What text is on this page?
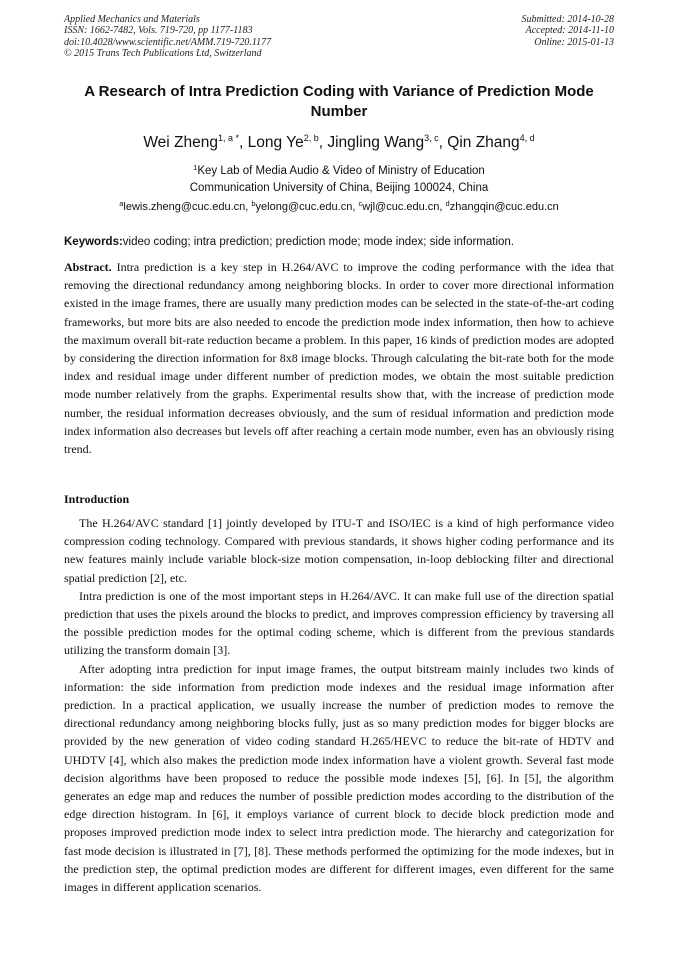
Applied Mechanics and Materials
ISSN: 1662-7482, Vols. 719-720, pp 1177-1183
doi:10.4028/www.scientific.net/AMM.719-720.1177
© 2015 Trans Tech Publications Ltd, Switzerland
Submitted: 2014-10-28
Accepted: 2014-11-10
Online: 2015-01-13
A Research of Intra Prediction Coding with Variance of Prediction Mode Number
Wei Zheng$^{1, a *}$, Long Ye$^{2, b}$, Jingling Wang$^{3, c}$, Qin Zhang$^{4, d}$
$^1$Key Lab of Media Audio & Video of Ministry of Education
Communication University of China, Beijing 100024, China
$^a$lewis.zheng@cuc.edu.cn, $^b$yelong@cuc.edu.cn, $^c$wjl@cuc.edu.cn, $^d$zhangqin@cuc.edu.cn
Keywords:video coding; intra prediction; prediction mode; mode index; side information.
Abstract. Intra prediction is a key step in H.264/AVC to improve the coding performance with the idea that removing the directional redundancy among neighboring blocks. In order to cover more directional information existed in the image frames, there are usually many prediction modes can be selected in the state-of-the-art coding frameworks, but more bits are also needed to encode the prediction mode index information, then how to achieve the maximum overall bit-rate reduction became a problem. In this paper, 16 kinds of prediction modes are adopted by considering the direction information for 8x8 image blocks. Through calculating the bit-rate both for the mode index and residual image under different number of prediction modes, we obtain the most suitable prediction mode number relatively from the graphs. Experimental results show that, with the increase of prediction mode number, the residual information decreases obviously, and the sum of residual information and prediction mode index information also decreases but levels off after reaching a certain mode number, even has an obviously rising trend.
Introduction

The H.264/AVC standard [1] jointly developed by ITU-T and ISO/IEC is a kind of high performance video compression coding technology. Compared with previous standards, it shows higher coding performance and its new features mainly include variable block-size motion compensation, in-loop deblocking filter and directional spatial prediction [2], etc.

Intra prediction is one of the most important steps in H.264/AVC. It can make full use of the direction spatial prediction that uses the pixels around the blocks to predict, and improves compression efficiency by traversing all the possible prediction modes for the optimal coding scheme, which is different from the previous standards utilizing the transform domain [3].

After adopting intra prediction for input image frames, the output bitstream mainly includes two kinds of information: the side information from prediction mode indexes and the residual image information after prediction. In a practical application, we usually increase the number of prediction modes to remove the directional redundancy among neighboring blocks fully, just as so many prediction modes for bigger blocks are provided by the new generation of video coding standard H.265/HEVC to reduce the bit-rate of HDTV and UHDTV [4], which also makes the prediction mode index information have a violent growth. Several fast mode decision algorithms have been proposed to reduce the possible mode indexes [5], [6]. In [5], the algorithm generates an edge map and reduces the number of possible prediction modes according to the distribution of the edge direction histogram. In [6], it employs variance of current block to decide block prediction mode and proposes improved prediction mode index to select intra prediction mode. The hierarchy and categorization for fast mode decision is illustrated in [7], [8]. These methods performed the optimizing for the mode indexes, but in the prediction step, the optimal prediction modes are different for different images, even different for the same images in different application scenarios.
